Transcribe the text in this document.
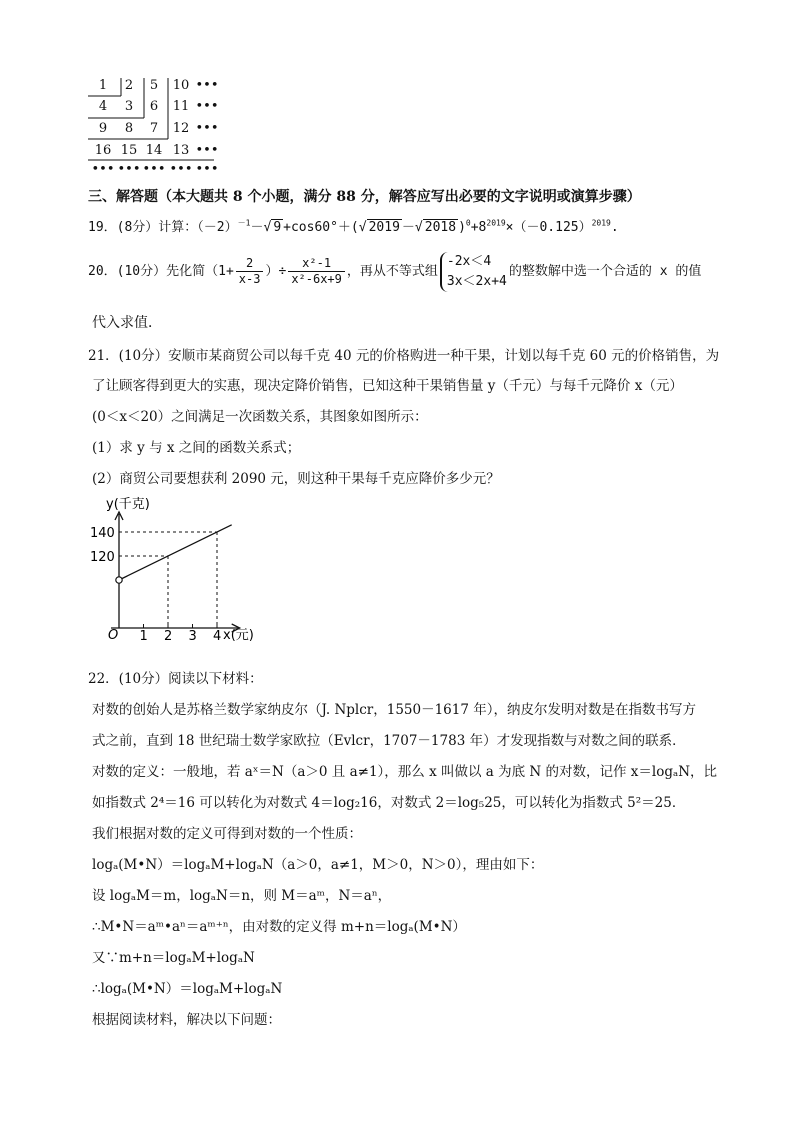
1	2	5	10 •••
4	3	6	11 •••
9	8	7	12 •••
16 15 14 13 •••
••• ••• ••• ••• •••
三、解答题（本大题共 8 个小题，满分 88 分，解答应写出必要的文字说明或演算步骤）
19．(8分）计算：$(-2)^{-1}-√$ 9 +cos60°＋(√ 2019 －√ 2018 )$^0+8^{2019}\times(-0.125)^{2019}$.
20．(10分）先化简（$1+ \frac{2}{x-3}$ ）÷ $\frac{\text{x²-1}}{\text{x²-6x+9}}$ ，再从不等式组
-2x＜4
3x＜2x+4
的整数解中选一个合适的 x 的值
代入求值．
21．(10分）安顺市某商贸公司以每千克 40 元的价格购进一种干果，计划以每千克 60 元的价格销售，为
了让顾客得到更大的实惠，现决定降价销售，已知这种干果销售量 y（千元）与每千元降价 x（元）
(0＜x＜20）之间满足一次函数关系，其图象如图所示：
(1）求 y 与 x 之间的函数关系式；
(2）商贸公司要想获利 2090 元，则这种干果每千克应降价多少元？
y(千克)
x(元)
O 1 2 3 4
120
140
22．(10分）阅读以下材料：
对数的创始人是苏格兰数学家纳皮尔（J. Nplcr，1550－1617 年），纳皮尔发明对数是在指数书写方
式之前，直到 18 世纪瑞士数学家欧拉（Evlcr，1707－1783 年）才发现指数与对数之间的联系．
对数的定义：一般地，若 aˣ＝N（a＞0 且 a≠1），那么 x 叫做以 a 为底 N 的对数，记作 x＝logₐN，比
如指数式 2⁴＝16 可以转化为对数式 4＝log₂16，对数式 2＝log₅25，可以转化为指数式 5²＝25．
我们根据对数的定义可得到对数的一个性质：
logₐ(M•N）＝logₐM+logₐN（a＞0，a≠1，M＞0，N＞0），理由如下：
设 logₐM＝m，logₐN＝n，则 M＝aᵐ，N＝aⁿ，
∴M•N＝aᵐ•aⁿ＝aᵐ⁺ⁿ，由对数的定义得 m+n＝logₐ(M•N）
又∵m+n＝logₐM+logₐN
∴logₐ(M•N）＝logₐM+logₐN
根据阅读材料，解决以下问题：
